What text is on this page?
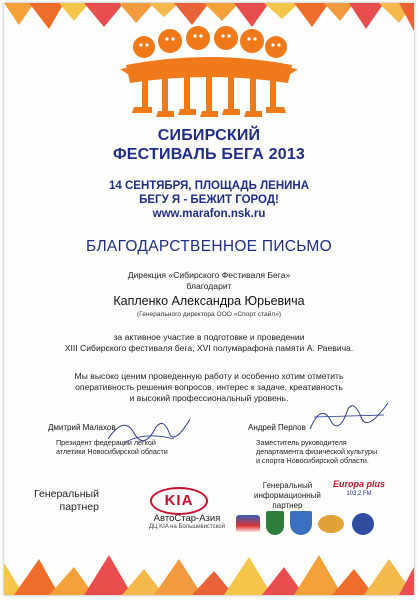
СИБИРСКИЙ
ФЕСТИВАЛЬ БЕГА 2013
14 СЕНТЯБРЯ, ПЛОЩАДЬ ЛЕНИНА
БЕГУ Я - БЕЖИТ ГОРОД!
www.marafon.nsk.ru
БЛАГОДАРСТВЕННОЕ ПИСЬМО
Дирекция «Сибирского Фестиваля Бега»
благодарит
Капленко Александра Юрьевича
(Генерального директора ООО «Спорт стайл»)
за активное участие в подготовке и проведении
XIII Сибирского фестиваля бега, XVI полумарафона памяти А. Раевича.
Мы высоко ценим проведенную работу и особенно хотим отметить
оперативность решения вопросов, интерес к задаче, креативность
и высокий профессиональный уровень.
Дмитрий Малахов
Президент федерации легкой
атлетики Новосибирской области
Андрей Перлов
Заместитель руководителя
департамента физической культуры
и спорта Новосибирской области.
Генеральный
партнер	KIA
АвтоСтар-Азия
ДЦ KIA на Большевистской
Генеральный
информационный
партнер
Europa plus
103,2 FM
